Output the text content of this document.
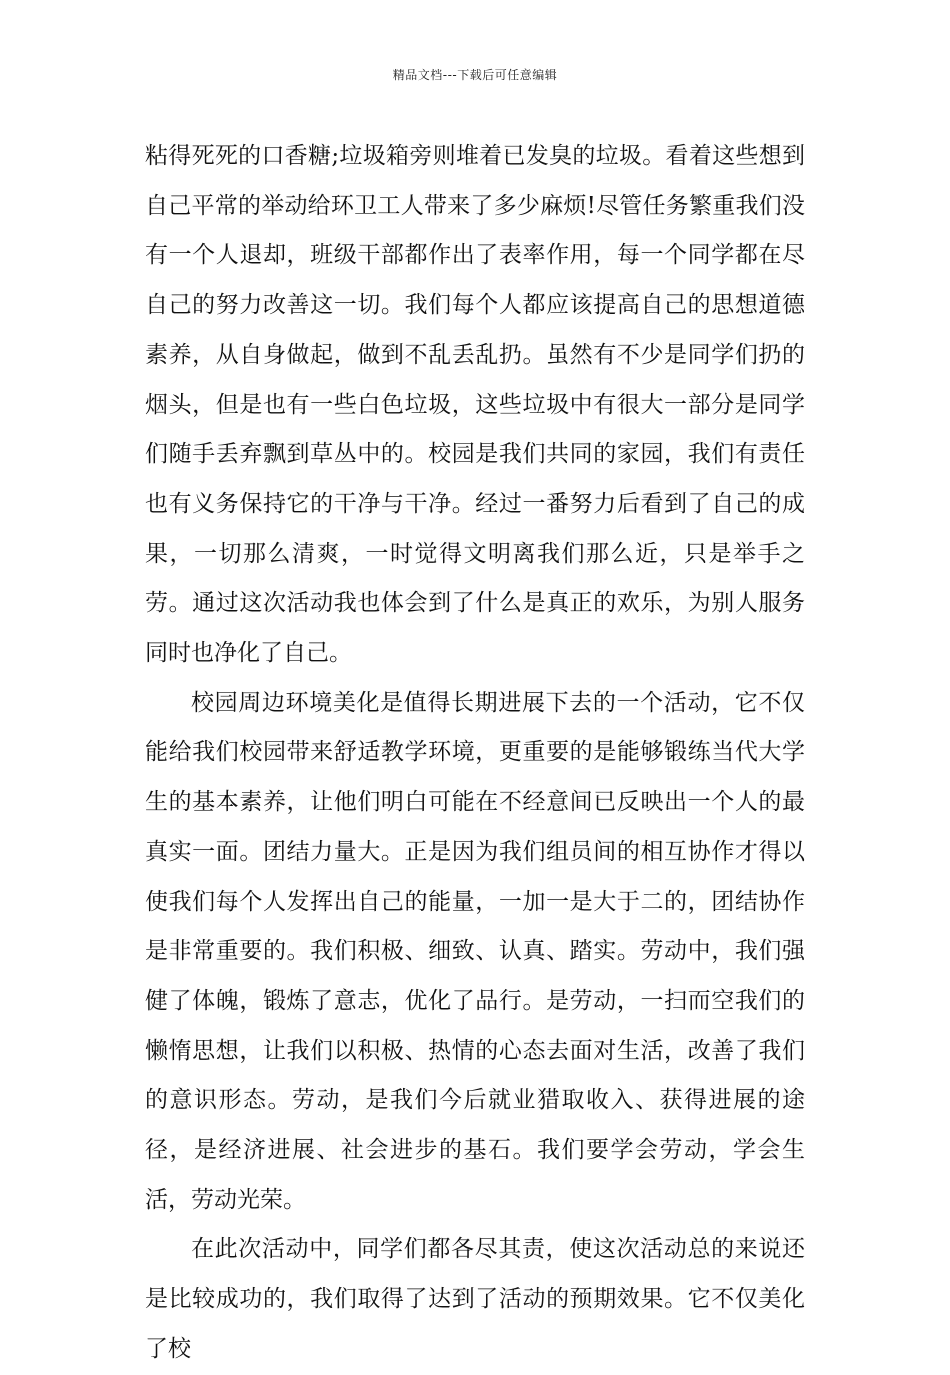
精品文档---下载后可任意编辑

粘得死死的口香糖;垃圾箱旁则堆着已发臭的垃圾。看着这些想到自己平常的举动给环卫工人带来了多少麻烦!尽管任务繁重我们没有一个人退却，班级干部都作出了表率作用，每一个同学都在尽自己的努力改善这一切。我们每个人都应该提高自己的思想道德素养，从自身做起，做到不乱丢乱扔。虽然有不少是同学们扔的烟头，但是也有一些白色垃圾，这些垃圾中有很大一部分是同学们随手丢弃飘到草丛中的。校园是我们共同的家园，我们有责任也有义务保持它的干净与干净。经过一番努力后看到了自己的成果，一切那么清爽，一时觉得文明离我们那么近，只是举手之劳。通过这次活动我也体会到了什么是真正的欢乐，为别人服务同时也净化了自己。

校园周边环境美化是值得长期进展下去的一个活动，它不仅能给我们校园带来舒适教学环境，更重要的是能够锻练当代大学生的基本素养，让他们明白可能在不经意间已反映出一个人的最真实一面。团结力量大。正是因为我们组员间的相互协作才得以使我们每个人发挥出自己的能量，一加一是大于二的，团结协作是非常重要的。我们积极、细致、认真、踏实。劳动中，我们强健了体魄，锻炼了意志，优化了品行。是劳动，一扫而空我们的懒惰思想，让我们以积极、热情的心态去面对生活，改善了我们的意识形态。劳动，是我们今后就业猎取收入、获得进展的途径，是经济进展、社会进步的基石。我们要学会劳动，学会生活，劳动光荣。

在此次活动中，同学们都各尽其责，使这次活动总的来说还是比较成功的，我们取得了达到了活动的预期效果。它不仅美化了校
